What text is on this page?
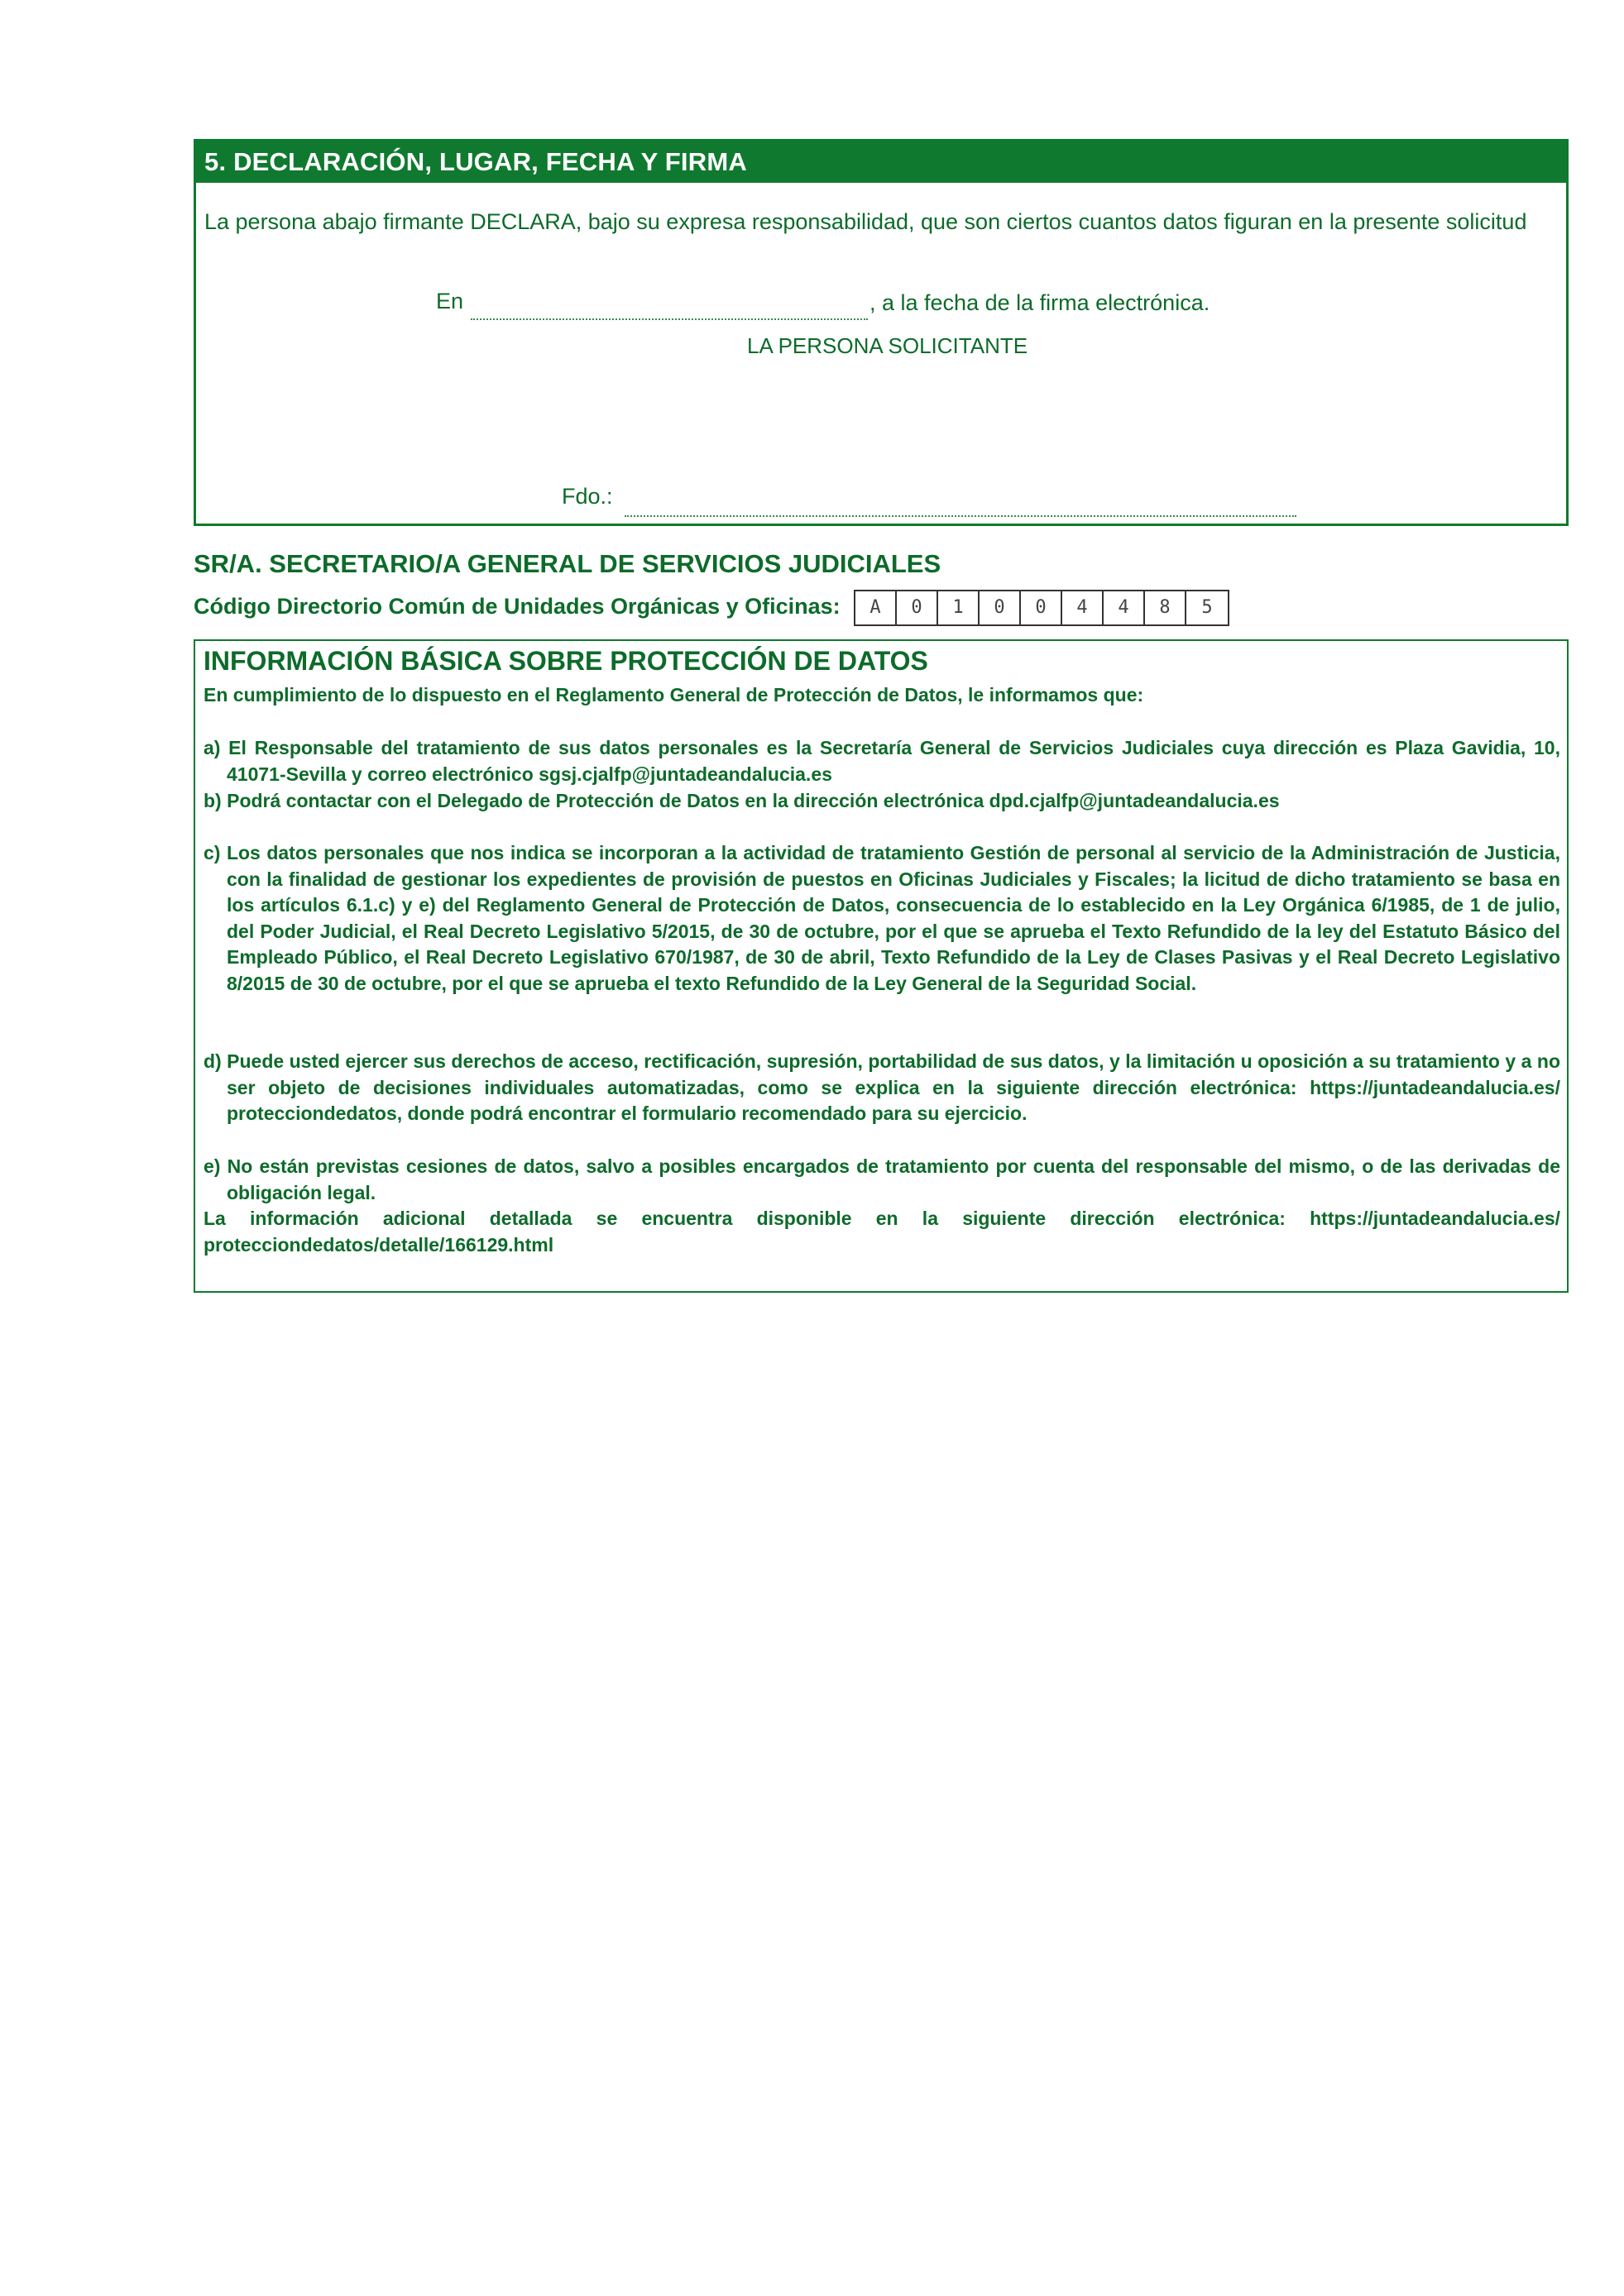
5. DECLARACIÓN, LUGAR, FECHA Y FIRMA
La persona abajo firmante DECLARA, bajo su expresa responsabilidad, que son ciertos cuantos datos figuran en la presente solicitud
En	, a la fecha de la firma electrónica.
LA PERSONA SOLICITANTE
Fdo.:
SR/A. SECRETARIO/A GENERAL DE SERVICIOS JUDICIALES
Código Directorio Común de Unidades Orgánicas y Oficinas:	A	0	1	0	0	4	4	8	5
INFORMACIÓN BÁSICA SOBRE PROTECCIÓN DE DATOS
En cumplimiento de lo dispuesto en el Reglamento General de Protección de Datos, le informamos que:
a) El Responsable del tratamiento de sus datos personales es la Secretaría General de Servicios Judiciales cuya dirección es Plaza Gavidia, 10, 41071-Sevilla y correo electrónico sgsj.cjalfp@juntadeandalucia.es
b) Podrá contactar con el Delegado de Protección de Datos en la dirección electrónica dpd.cjalfp@juntadeandalucia.es
c) Los datos personales que nos indica se incorporan a la actividad de tratamiento Gestión de personal al servicio de la Administración de Justicia, con la finalidad de gestionar los expedientes de provisión de puestos en Oficinas Judiciales y Fiscales; la licitud de dicho tratamiento se basa en los artículos 6.1.c) y e) del Reglamento General de Protección de Datos, consecuencia de lo establecido en la Ley Orgánica 6/1985, de 1 de julio, del Poder Judicial, el Real Decreto Legislativo 5/2015, de 30 de octubre, por el que se aprueba el Texto Refundido de la ley del Estatuto Básico del Empleado Público, el Real Decreto Legislativo 670/1987, de 30 de abril, Texto Refundido de la Ley de Clases Pasivas y el Real Decreto Legislativo 8/2015 de 30 de octubre, por el que se aprueba el texto Refundido de la Ley General de la Seguridad Social.
d) Puede usted ejercer sus derechos de acceso, rectificación, supresión, portabilidad de sus datos, y la limitación u oposición a su tratamiento y a no ser objeto de decisiones individuales automatizadas, como se explica en la siguiente dirección electrónica: https://juntadeandalucia.es/ protecciondedatos, donde podrá encontrar el formulario recomendado para su ejercicio.
e) No están previstas cesiones de datos, salvo a posibles encargados de tratamiento por cuenta del responsable del mismo, o de las derivadas de obligación legal.
La información adicional detallada se encuentra disponible en la siguiente dirección electrónica: https://juntadeandalucia.es/ protecciondedatos/detalle/166129.html
